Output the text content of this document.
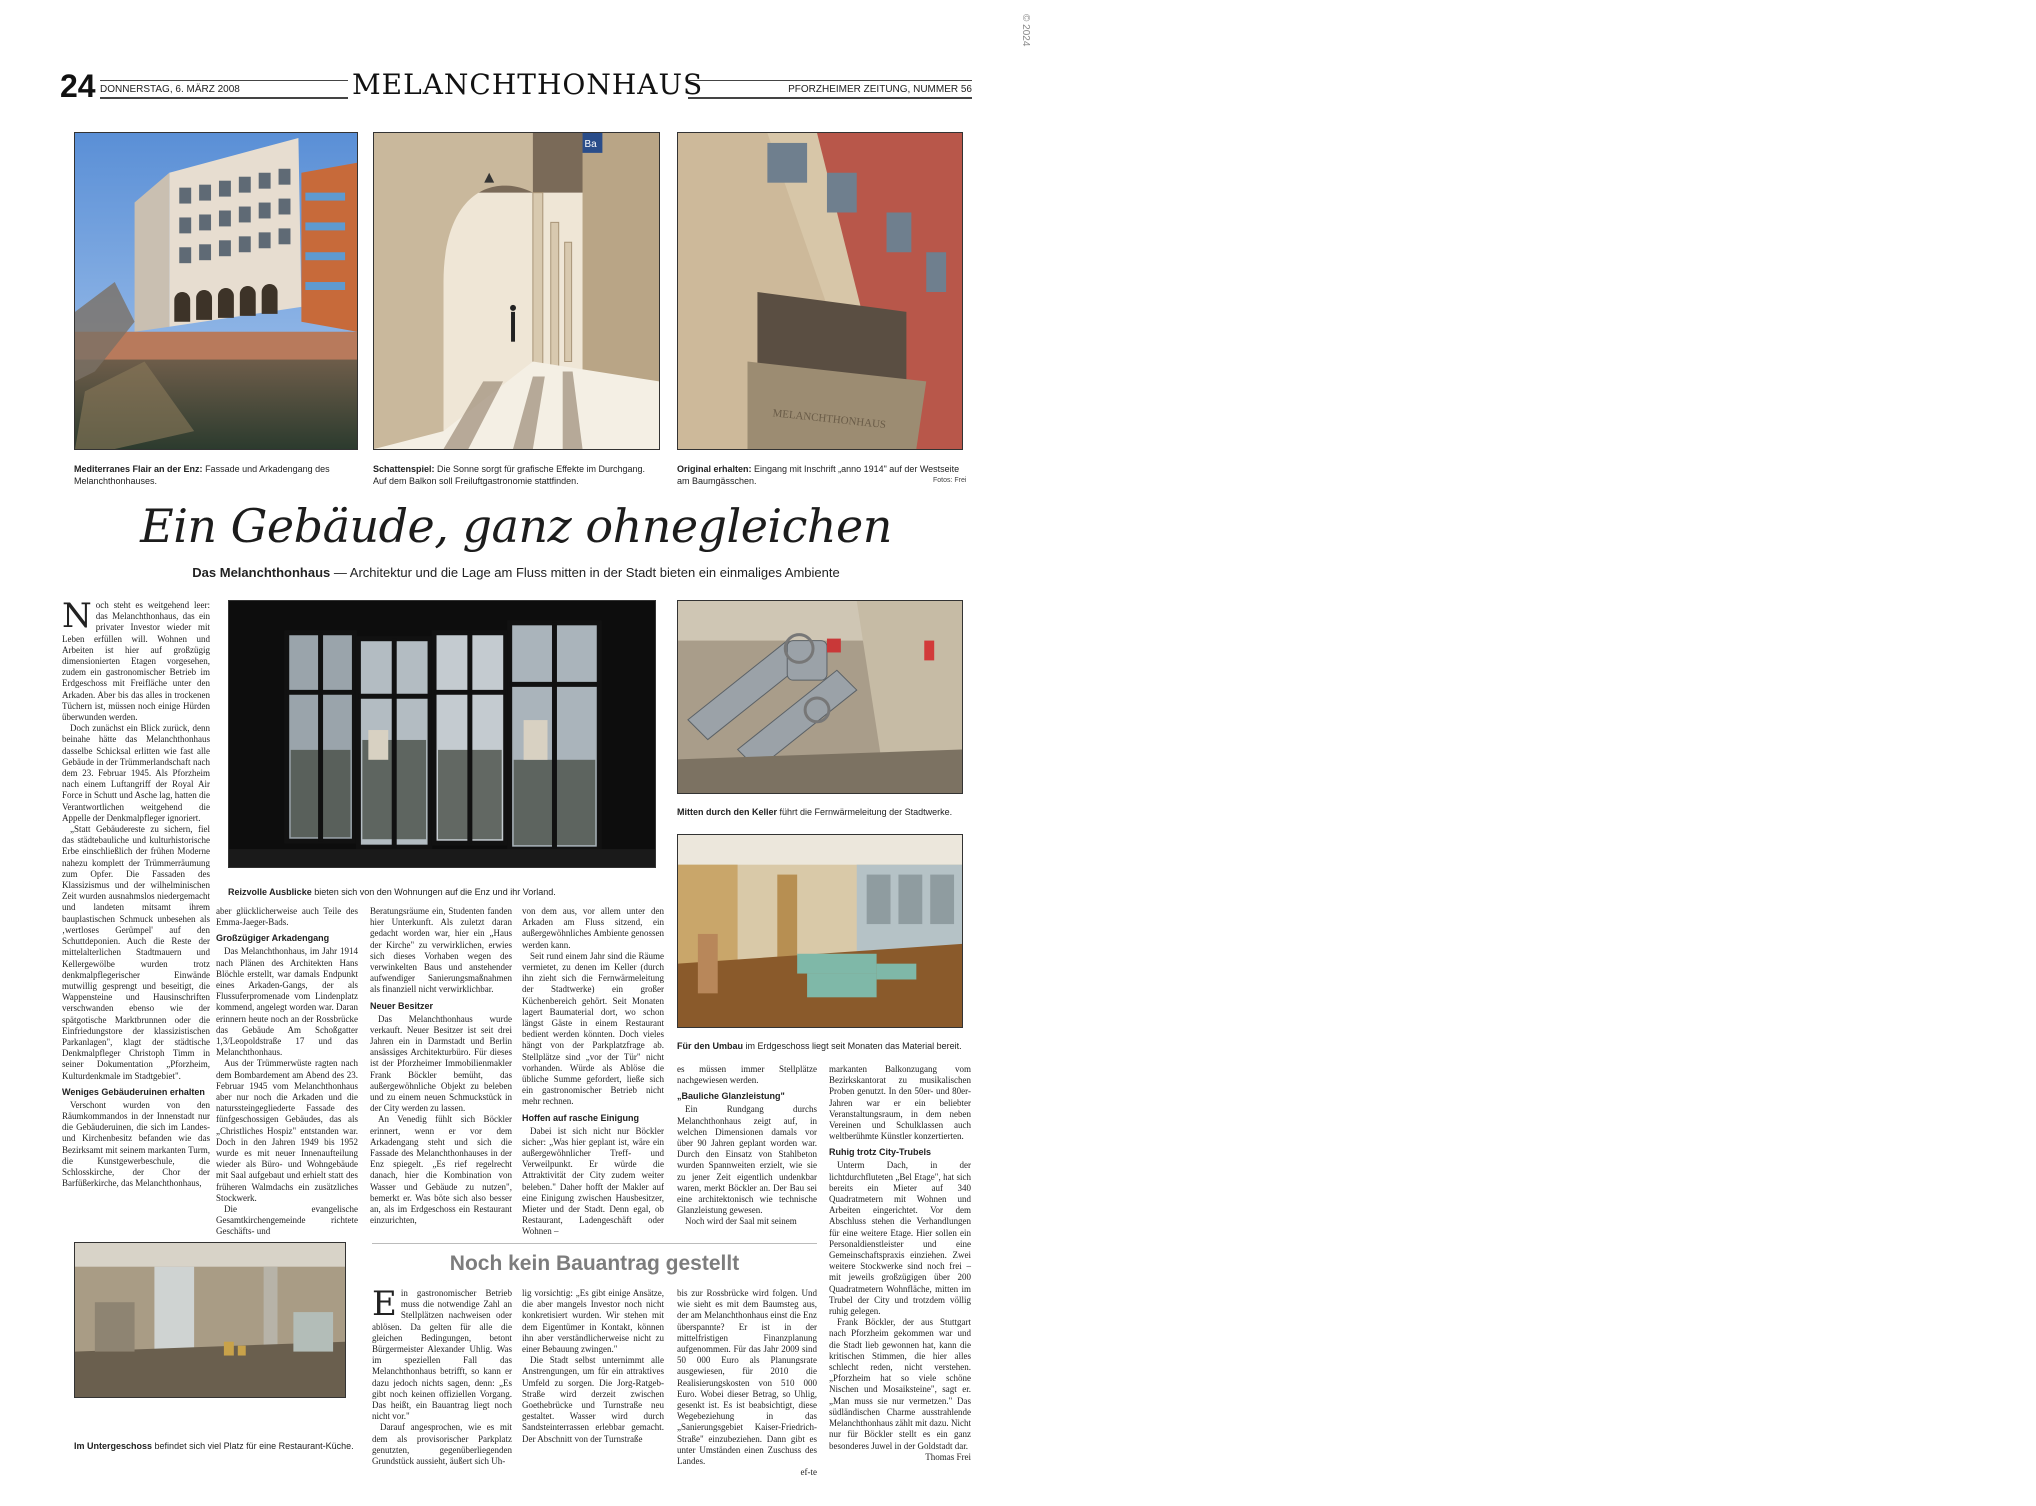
© 2024
24 DONNERSTAG, 6. MÄRZ 2008	MELANCHTHONHAUS	PFORZHEIMER ZEITUNG, NUMMER 56
Ba
MELANCHTHONHAUS
Mediterranes Flair an der Enz: Fassade und Arkadengang des Melanchthonhauses.
Schattenspiel: Die Sonne sorgt für grafische Effekte im Durchgang. Auf dem Balkon soll Freiluftgastronomie stattfinden.
Original erhalten: Eingang mit Inschrift „anno 1914" auf der Westseite am Baumgässchen.	Fotos: Frei
Ein Gebäude, ganz ohnegleichen
Das Melanchthonhaus — Architektur und die Lage am Fluss mitten in der Stadt bieten ein einmaliges Ambiente
Reizvolle Ausblicke bieten sich von den Wohnungen auf die Enz und ihr Vorland.
Mitten durch den Keller führt die Fernwärmeleitung der Stadtwerke.
Für den Umbau im Erdgeschoss liegt seit Monaten das Material bereit.
Im Untergeschoss befindet sich viel Platz für eine Restaurant-Küche.

Noch steht es weitgehend leer: das Melanchthonhaus, das ein privater Investor wieder mit Leben erfüllen will. Wohnen und Arbeiten ist hier auf großzügig dimensionierten Etagen vorgesehen, zudem ein gastronomischer Betrieb im Erdgeschoss mit Freifläche unter den Arkaden. Aber bis das alles in trockenen Tüchern ist, müssen noch einige Hürden überwunden werden.

Doch zunächst ein Blick zurück, denn beinahe hätte das Melanchthonhaus dasselbe Schicksal erlitten wie fast alle Gebäude in der Trümmerlandschaft nach dem 23. Februar 1945. Als Pforzheim nach einem Luftangriff der Royal Air Force in Schutt und Asche lag, hatten die Verantwortlichen weitgehend die Appelle der Denkmalpfleger ignoriert.

„Statt Gebäudereste zu sichern, fiel das städtebauliche und kulturhistorische Erbe einschließlich der frühen Moderne nahezu komplett der Trümmerräumung zum Opfer. Die Fassaden des Klassizismus und der wilhelminischen Zeit wurden ausnahmslos niedergemacht und landeten mitsamt ihrem bauplastischen Schmuck unbesehen als ‚wertloses Gerümpel' auf den Schuttdeponien. Auch die Reste der mittelalterlichen Stadtmauern und Kellergewölbe wurden trotz denkmalpflegerischer Einwände mutwillig gesprengt und beseitigt, die Wappensteine und Hausinschriften verschwanden ebenso wie der spätgotische Marktbrunnen oder die Einfriedungstore der klassizistischen Parkanlagen", klagt der städtische Denkmalpfleger Christoph Timm in seiner Dokumentation „Pforzheim, Kulturdenkmale im Stadtgebiet".

Weniges Gebäuderuinen erhalten

Verschont wurden von den Räumkommandos in der Innenstadt nur die Gebäuderuinen, die sich im Landes- und Kirchenbesitz befanden wie das Bezirksamt mit seinem markanten Turm, die Kunstgewerbeschule, die Schlosskirche, der Chor der Barfüßerkirche, das Melanchthonhaus,

aber glücklicherweise auch Teile des Emma-Jaeger-Bads.

Großzügiger Arkadengang

Das Melanchthonhaus, im Jahr 1914 nach Plänen des Architekten Hans Blöchle erstellt, war damals Endpunkt eines Arkaden-Gangs, der als Flussuferpromenade vom Lindenplatz kommend, angelegt worden war. Daran erinnern heute noch an der Rossbrücke das Gebäude Am Schoßgatter 1,3/Leopoldstraße 17 und das Melanchthonhaus.

Aus der Trümmerwüste ragten nach dem Bombardement am Abend des 23. Februar 1945 vom Melanchthonhaus aber nur noch die Arkaden und die naturssteingegliederte Fassade des fünfgeschossigen Gebäudes, das als „Christliches Hospiz" entstanden war. Doch in den Jahren 1949 bis 1952 wurde es mit neuer Innenaufteilung wieder als Büro- und Wohngebäude mit Saal aufgebaut und erhielt statt des früheren Walmdachs ein zusätzliches Stockwerk.

Die evangelische Gesamtkirchengemeinde richtete Geschäfts- und

Beratungsräume ein, Studenten fanden hier Unterkunft. Als zuletzt daran gedacht worden war, hier ein „Haus der Kirche" zu verwirklichen, erwies sich dieses Vorhaben wegen des verwinkelten Baus und anstehender aufwendiger Sanierungsmaßnahmen als finanziell nicht verwirklichbar.

Neuer Besitzer

Das Melanchthonhaus wurde verkauft. Neuer Besitzer ist seit drei Jahren ein in Darmstadt und Berlin ansässiges Architekturbüro. Für dieses ist der Pforzheimer Immobilienmakler Frank Böckler bemüht, das außergewöhnliche Objekt zu beleben und zu einem neuen Schmuckstück in der City werden zu lassen.

An Venedig fühlt sich Böckler erinnert, wenn er vor dem Arkadengang steht und sich die Fassade des Melanchthonhauses in der Enz spiegelt. „Es rief regelrecht danach, hier die Kombination von Wasser und Gebäude zu nutzen", bemerkt er. Was böte sich also besser an, als im Erdgeschoss ein Restaurant einzurichten,

von dem aus, vor allem unter den Arkaden am Fluss sitzend, ein außergewöhnliches Ambiente genossen werden kann.

Seit rund einem Jahr sind die Räume vermietet, zu denen im Keller (durch ihn zieht sich die Fernwärmeleitung der Stadtwerke) ein großer Küchenbereich gehört. Seit Monaten lagert Baumaterial dort, wo schon längst Gäste in einem Restaurant bedient werden könnten. Doch vieles hängt von der Parkplatzfrage ab. Stellplätze sind „vor der Tür" nicht vorhanden. Würde als Ablöse die übliche Summe gefordert, ließe sich ein gastronomischer Betrieb nicht mehr rechnen.

Hoffen auf rasche Einigung

Dabei ist sich nicht nur Böckler sicher: „Was hier geplant ist, wäre ein außergewöhnlicher Treff- und Verweilpunkt. Er würde die Attraktivität der City zudem weiter beleben." Daher hofft der Makler auf eine Einigung zwischen Hausbesitzer, Mieter und der Stadt. Denn egal, ob Restaurant, Ladengeschäft oder Wohnen –

es müssen immer Stellplätze nachgewiesen werden.

„Bauliche Glanzleistung"

Ein Rundgang durchs Melanchthonhaus zeigt auf, in welchen Dimensionen damals vor über 90 Jahren geplant worden war. Durch den Einsatz von Stahlbeton wurden Spannweiten erzielt, wie sie zu jener Zeit eigentlich undenkbar waren, merkt Böckler an. Der Bau sei eine architektonisch wie technische Glanzleistung gewesen.

Noch wird der Saal mit seinem

markanten Balkonzugang vom Bezirkskantorat zu musikalischen Proben genutzt. In den 50er- und 80er-Jahren war er ein beliebter Veranstaltungsraum, in dem neben Vereinen und Schulklassen auch weltberühmte Künstler konzertierten.

Ruhig trotz City-Trubels

Unterm Dach, in der lichtdurchfluteten „Bel Etage", hat sich bereits ein Mieter auf 340 Quadratmetern mit Wohnen und Arbeiten eingerichtet. Vor dem Abschluss stehen die Verhandlungen für eine weitere Etage. Hier sollen ein Personaldienstleister und eine Gemeinschaftspraxis einziehen. Zwei weitere Stockwerke sind noch frei – mit jeweils großzügigen über 200 Quadratmetern Wohnfläche, mitten im Trubel der City und trotzdem völlig ruhig gelegen.

Frank Böckler, der aus Stuttgart nach Pforzheim gekommen war und die Stadt lieb gewonnen hat, kann die kritischen Stimmen, die hier alles schlecht reden, nicht verstehen. „Pforzheim hat so viele schöne Nischen und Mosaiksteine", sagt er. „Man muss sie nur vermetzen." Das südländischen Charme ausstrahlende Melanchthonhaus zählt mit dazu. Nicht nur für Böckler stellt es ein ganz besonderes Juwel in der Goldstadt dar.

Thomas Frei

Noch kein Bauantrag gestellt

Ein gastronomischer Betrieb muss die notwendige Zahl an Stellplätzen nachweisen oder ablösen. Da gelten für alle die gleichen Bedingungen, betont Bürgermeister Alexander Uhlig. Was im speziellen Fall das Melanchthonhaus betrifft, so kann er dazu jedoch nichts sagen, denn: „Es gibt noch keinen offiziellen Vorgang. Das heißt, ein Bauantrag liegt noch nicht vor."

Darauf angesprochen, wie es mit dem als provisorischer Parkplatz genutzten, gegenüberliegenden Grundstück aussieht, äußert sich Uh-

lig vorsichtig: „Es gibt einige Ansätze, die aber mangels Investor noch nicht konkretisiert wurden. Wir stehen mit dem Eigentümer in Kontakt, können ihn aber verständlicherweise nicht zu einer Bebauung zwingen."

Die Stadt selbst unternimmt alle Anstrengungen, um für ein attraktives Umfeld zu sorgen. Die Jorg-Ratgeb-Straße wird derzeit zwischen Goethebrücke und Turnstraße neu gestaltet. Wasser wird durch Sandsteinterrassen erlebbar gemacht. Der Abschnitt von der Turnstraße

bis zur Rossbrücke wird folgen. Und wie sieht es mit dem Baumsteg aus, der am Melanchthonhaus einst die Enz überspannte? Er ist in der mittelfristigen Finanzplanung aufgenommen. Für das Jahr 2009 sind 50 000 Euro als Planungsrate ausgewiesen, für 2010 die Realisierungskosten von 510 000 Euro. Wobei dieser Betrag, so Uhlig, gesenkt ist. Es ist beabsichtigt, diese Wegebeziehung in das „Sanierungsgebiet Kaiser-Friedrich-Straße" einzubeziehen. Dann gibt es unter Umständen einen Zuschuss des Landes.

ef-te
